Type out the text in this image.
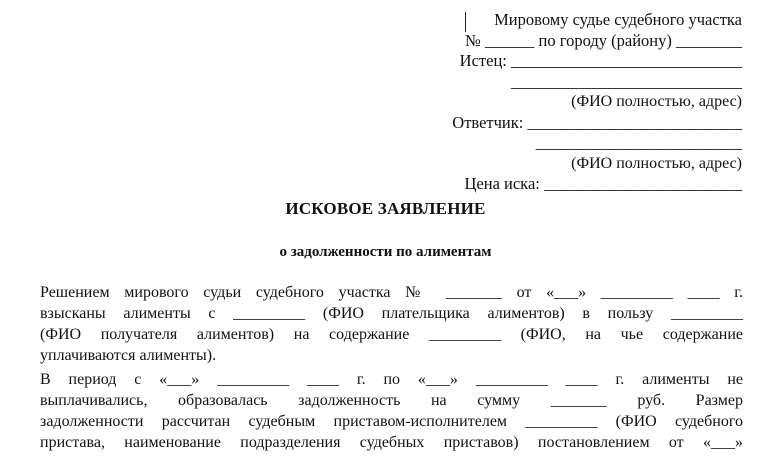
Мировому судье судебного участка
№ ______ по городу (району) ________
Истец: ____________________________
____________________________
(ФИО полностью, адрес)
Ответчик: __________________________
_________________________
(ФИО полностью, адрес)
Цена иска: ________________________
ИСКОВОЕ ЗАЯВЛЕНИЕ
о задолженности по алиментам
Решением мирового судьи судебного участка № _______ от «___» _________ ____ г.
взысканы алименты с _________ (ФИО плательщика алиментов) в пользу _________
(ФИО получателя алиментов) на содержание _________ (ФИО, на чье содержание
уплачиваются алименты).
В период с «___» _________ ____ г. по «___» _________ ____ г. алименты не
выплачивались, образовалась задолженность на сумму _______ руб. Размер
задолженности рассчитан судебным приставом-исполнителем _________ (ФИО судебного
пристава, наименование подразделения судебных приставов) постановлением от «___»
